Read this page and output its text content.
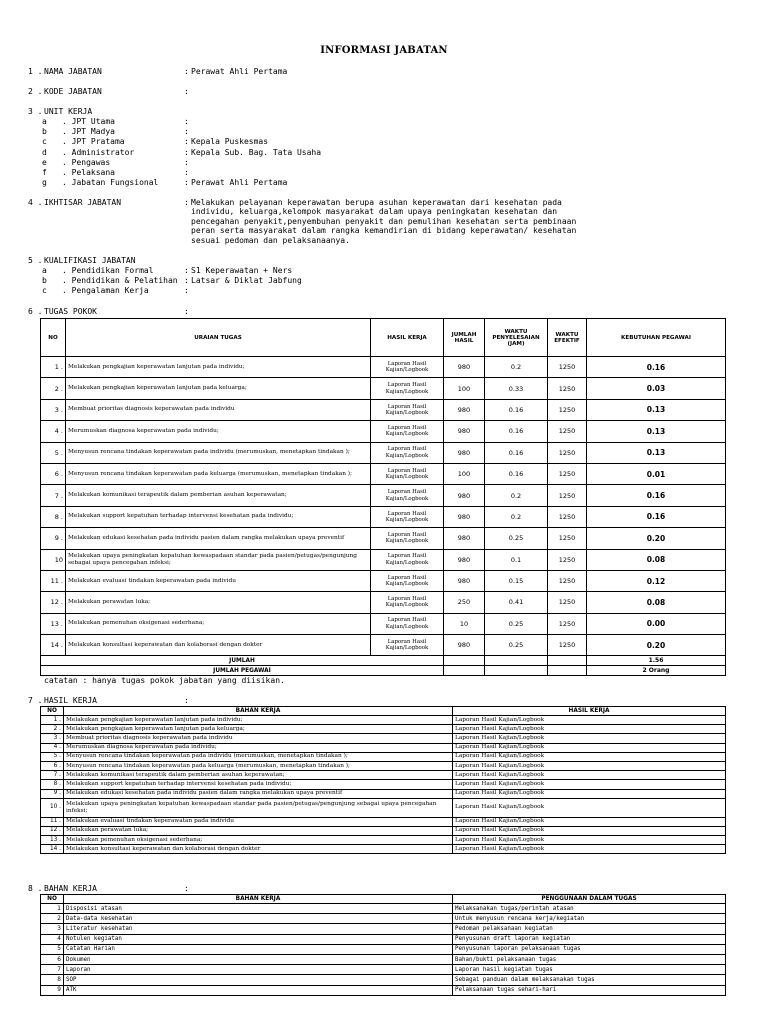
INFORMASI JABATAN
1 . NAMA JABATAN	: Perawat Ahli Pertama
2 . KODE JABATAN	:
3 . UNIT KERJA
a . JPT Utama	:
b . JPT Madya	:
c . JPT Pratama	: Kepala Puskesmas
d . Administrator	: Kepala Sub. Bag. Tata Usaha
e . Pengawas	:
f . Pelaksana	:
g . Jabatan Fungsional	: Perawat Ahli Pertama
4 . IKHTISAR JABATAN	: Melakukan pelayanan keperawatan berupa asuhan keperawatan dari kesehatan pada individu, keluarga,kelompok masyarakat dalam upaya peningkatan kesehatan dan pencegahan penyakit,penyembuhan penyakit dan pemulihan kesehatan serta pembinaan peran serta masyarakat dalam rangka kemandirian di bidang keperawatan/ kesehatan sesuai pedoman dan pelaksanaanya.
5 . KUALIFIKASI JABATAN
a . Pendidikan Formal	: S1 Keperawatan + Ners
b . Pendidikan & Pelatihan : Latsar & Diklat Jabfung
c . Pengalaman Kerja	:
6 . TUGAS POKOK	:
NO	URAIAN TUGAS	HASIL KERJA	JUMLAH HASIL	WAKTU PENYELESAIAN (JAM)	WAKTU EFEKTIF	KEBUTUHAN PEGAWAI
1 .	Melakukan pengkajian keperawatan lanjutan pada individu;	Laporan Hasil Kajian/Logbook	980	0.2	1250	0.16
2 .	Melakukan pengkajian keperawatan lanjutan pada keluarga;	Laporan Hasil Kajian/Logbook	100	0.33	1250	0.03
3 .	Membuat prioritas diagnosis keperawatan pada individu	Laporan Hasil Kajian/Logbook	980	0.16	1250	0.13
4 .	Merumuskan diagnosa keperawatan pada individu;	Laporan Hasil Kajian/Logbook	980	0.16	1250	0.13
5 .	Menyusun rencana tindakan keperawatan pada individu (merumuskan, menetapkan tindakan );	Laporan Hasil Kajian/Logbook	980	0.16	1250	0.13
6 .	Menyusun rencana tindakan keperawatan pada keluarga (merumuskan, menetapkan tindakan );	Laporan Hasil Kajian/Logbook	100	0.16	1250	0.01
7 .	Melakukan komunikasi terapeutik dalam pemberian asuhan keperawatan;	Laporan Hasil Kajian/Logbook	980	0.2	1250	0.16
8 .	Melakukan support kepatuhan terhadap intervensi kesehatan pada individu;	Laporan Hasil Kajian/Logbook	980	0.2	1250	0.16
9 .	Melakukan edukasi kesehatan pada individu pasien dalam rangka melakukan upaya preventif	Laporan Hasil Kajian/Logbook	980	0.25	1250	0.20
10	Melakukan upaya peningkatan kepatuhan kewaspadaan standar pada pasien/petugas/pengunjung sebagai upaya pencegahan infeksi;	Laporan Hasil Kajian/Logbook	980	0.1	1250	0.08
11 .	Melakukan evaluasi tindakan keperawatan pada individu	Laporan Hasil Kajian/Logbook	980	0.15	1250	0.12
12 .	Melakukan perawatan luka;	Laporan Hasil Kajian/Logbook	250	0.41	1250	0.08
13 .	Melakukan pemenuhan oksigenasi sederhana;	Laporan Hasil Kajian/Logbook	10	0.25	1250	0.00
14 .	Melakukan konsultasi keperawatan dan kolaborasi dengan dokter	Laporan Hasil Kajian/Logbook	980	0.25	1250	0.20
JUMLAH						1.56
JUMLAH PEGAWAI						2 Orang
catatan : hanya tugas pokok jabatan yang diisikan.
7 . HASIL KERJA	:
NO	BAHAN KERJA	HASIL KERJA
1 .	Melakukan pengkajian keperawatan lanjutan pada individu;	Laporan Hasil Kajian/Logbook
2 .	Melakukan pengkajian keperawatan lanjutan pada keluarga;	Laporan Hasil Kajian/Logbook
3 .	Membuat prioritas diagnosis keperawatan pada individu	Laporan Hasil Kajian/Logbook
4 .	Merumuskan diagnosa keperawatan pada individu;	Laporan Hasil Kajian/Logbook
5 .	Menyusun rencana tindakan keperawatan pada individu (merumuskan, menetapkan tindakan );	Laporan Hasil Kajian/Logbook
6 .	Menyusun rencana tindakan keperawatan pada keluarga (merumuskan, menetapkan tindakan );	Laporan Hasil Kajian/Logbook
7 .	Melakukan komunikasi terapeutik dalam pemberian asuhan keperawatan;	Laporan Hasil Kajian/Logbook
8 .	Melakukan support kepatuhan terhadap intervensi kesehatan pada individu;	Laporan Hasil Kajian/Logbook
9 .	Melakukan edukasi kesehatan pada individu pasien dalam rangka melakukan upaya preventif	Laporan Hasil Kajian/Logbook
10 .	Melakukan upaya peningkatan kepatuhan kewaspadaan standar pada pasien/petugas/pengunjung sebagai upaya pencegahan infeksi;	Laporan Hasil Kajian/Logbook
11 .	Melakukan evaluasi tindakan keperawatan pada individu	Laporan Hasil Kajian/Logbook
12 .	Melakukan perawatan luka;	Laporan Hasil Kajian/Logbook
13 .	Melakukan pemenuhan oksigenasi sederhana;	Laporan Hasil Kajian/Logbook
14 .	Melakukan konsultasi keperawatan dan kolaborasi dengan dokter	Laporan Hasil Kajian/Logbook
8 . BAHAN KERJA	:
NO	BAHAN KERJA	PENGGUNAAN DALAM TUGAS
1	Disposisi atasan	Melaksanakan tugas/perintah atasan
2	Data-data kesehatan	Untuk menyusun rencana kerja/kegiatan
3	Literatur kesehatan	Pedoman pelaksanaan kegiatan
4	Notulen kegiatan	Penyusunan draft laporan kegiatan
5	Catatan Harian	Penyusunan laporan pelaksanaan tugas
6	Dokumen	Bahan/bukti pelaksanaan tugas
7	Laporan	Laporan hasil kegiatan tugas
8	SOP	Sebagai panduan dalam melaksanakan tugas
9	ATK	Pelaksanaan tugas sehari-hari
